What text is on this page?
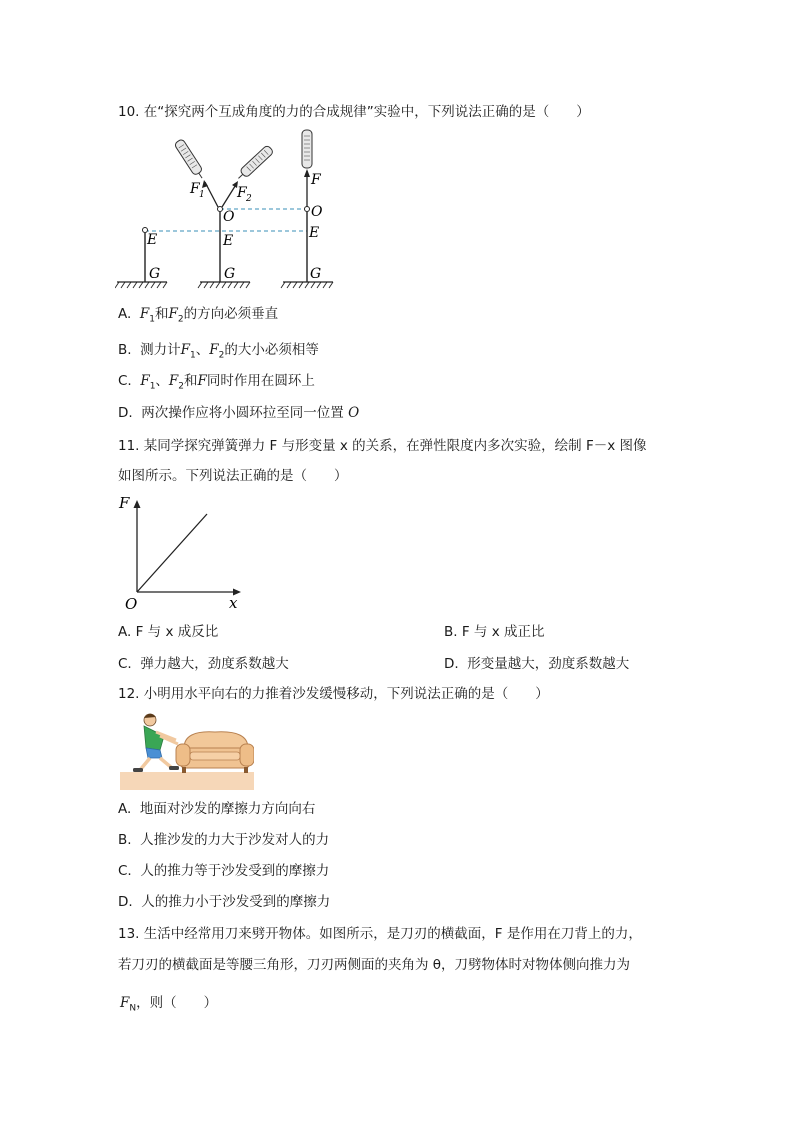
10. 在“探究两个互成角度的力的合成规律”实验中，下列说法正确的是（　　）
F 1 F 2
O
E	E
G	G
F
O
E
G
A. $F_1$和$F_2$的方向必须垂直
B. 测力计$F_1$、$F_2$的大小必须相等
C. $F_1$、$F_2$和F同时作用在圆环上
D. 两次操作应将小圆环拉至同一位置 O
11. 某同学探究弹簧弹力 F 与形变量 x 的关系，在弹性限度内多次实验，绘制 F－x 图像
如图所示。下列说法正确的是（　　）
F
x
O
A. F 与 x 成反比	B. F 与 x 成正比
C. 弹力越大，劲度系数越大	D. 形变量越大，劲度系数越大
12. 小明用水平向右的力推着沙发缓慢移动，下列说法正确的是（　　）
A. 地面对沙发的摩擦力方向向右
B. 人推沙发的力大于沙发对人的力
C. 人的推力等于沙发受到的摩擦力
D. 人的推力小于沙发受到的摩擦力
13. 生活中经常用刀来劈开物体。如图所示，是刀刃的横截面，F 是作用在刀背上的力，
若刀刃的横截面是等腰三角形，刀刃两侧面的夹角为 θ，刀劈物体时对物体侧向推力为
$F_N$，则（　　）
